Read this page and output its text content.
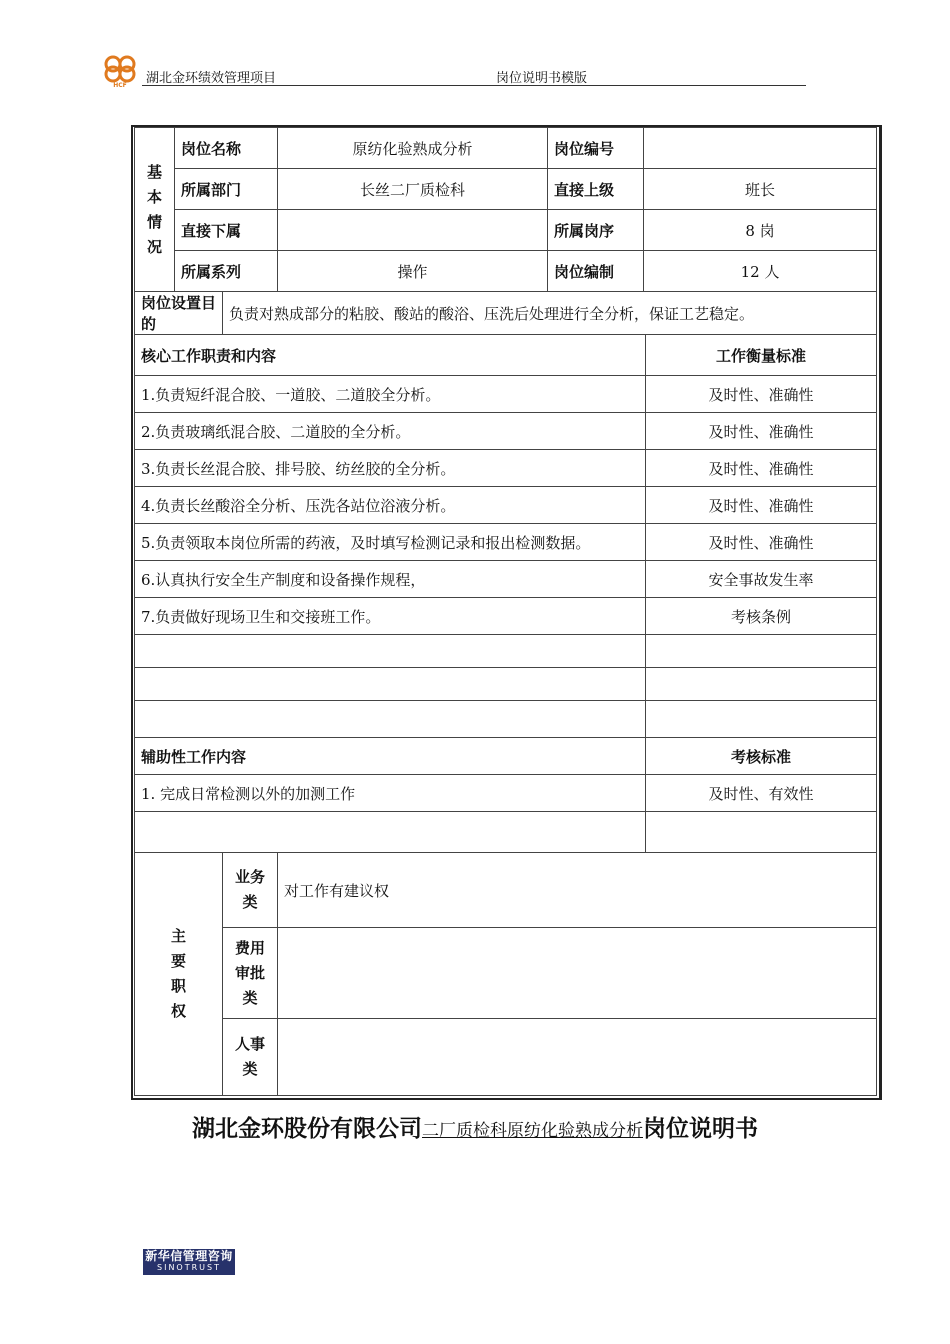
HCF 湖北金环绩效管理项目	岗位说明书模版
基本情况	岗位名称		原纺化验熟成分析	岗位编号		
	所属部门		长丝二厂质检科	直接上级	班长	
	直接下属			所属岗序	8 岗	
	所属系列		操作	岗位编制	12 人	
岗位设置目的		负责对熟成部分的粘胶、酸站的酸浴、压洗后处理进行全分析，保证工艺稳定。				
核心工作职责和内容						工作衡量标准
1.负责短纤混合胶、一道胶、二道胶全分析。						及时性、准确性
2.负责玻璃纸混合胶、二道胶的全分析。						及时性、准确性
3.负责长丝混合胶、排号胶、纺丝胶的全分析。						及时性、准确性
4.负责长丝酸浴全分析、压洗各站位浴液分析。						及时性、准确性
5.负责领取本岗位所需的药液，及时填写检测记录和报出检测数据。						及时性、准确性
6.认真执行安全生产制度和设备操作规程，						安全事故发生率
7.负责做好现场卫生和交接班工作。						考核条例

辅助性工作内容						考核标准
1. 完成日常检测以外的加测工作						及时性、有效性

主要职权		业务类	对工作有建议权			

		费用审批类				

		人事类				

湖北金环股份有限公司二厂质检科原纺化验熟成分析岗位说明书
新华信管理咨询
SINOTRUST
